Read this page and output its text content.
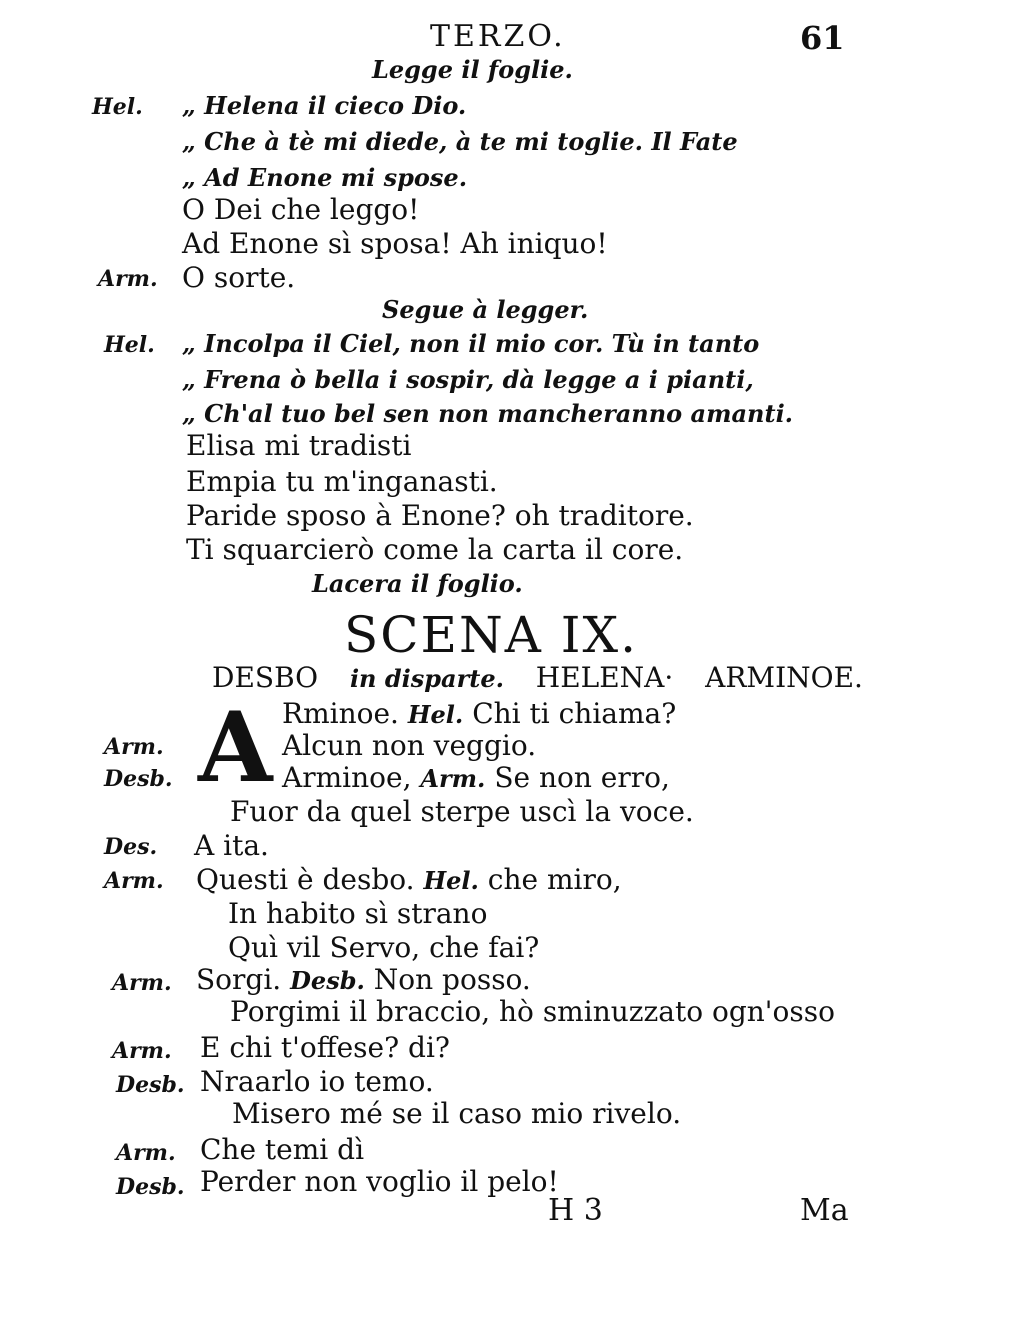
TERZO.	61
Legge il foglie.
Hel. „ Helena il cieco Dio.
„ Che à tè mi diede, à te mi toglie. Il Fate
„ Ad Enone mi spose.
O Dei che leggo!
Ad Enone sì sposa! Ah iniquo!
Arm. O sorte.
Segue à legger.
Hel. „ Incolpa il Ciel, non il mio cor. Tù in tanto
„ Frena ò bella i sospir, dà legge a i pianti,
„ Ch'al tuo bel sen non mancheranno amanti.
Elisa mi tradisti
Empia tu m'inganasti.
Paride sposo à Enone? oh traditore.
Ti squarcierò come la carta il core.
Lacera il foglio.
SCENA IX.
DESBO in disparte. HELENA· ARMINOE.
A Rminoe. Hel. Chi ti chiama?
Arm.	Alcun non veggio.
Desb.	Arminoe, Arm. Se non erro,
Fuor da quel sterpe uscì la voce.
Des. A ita.
Arm. Questi è desbo. Hel. che miro,
In habito sì strano
Quì vil Servo, che fai?
Arm. Sorgi. Desb. Non posso.
Porgimi il braccio, hò sminuzzato ogn'osso
Arm. E chi t'offese? di?
Desb. Nraarlo io temo.
Misero mé se il caso mio rivelo.
Arm. Che temi dì
Desb. Perder non voglio il pelo!
H 3	Ma
